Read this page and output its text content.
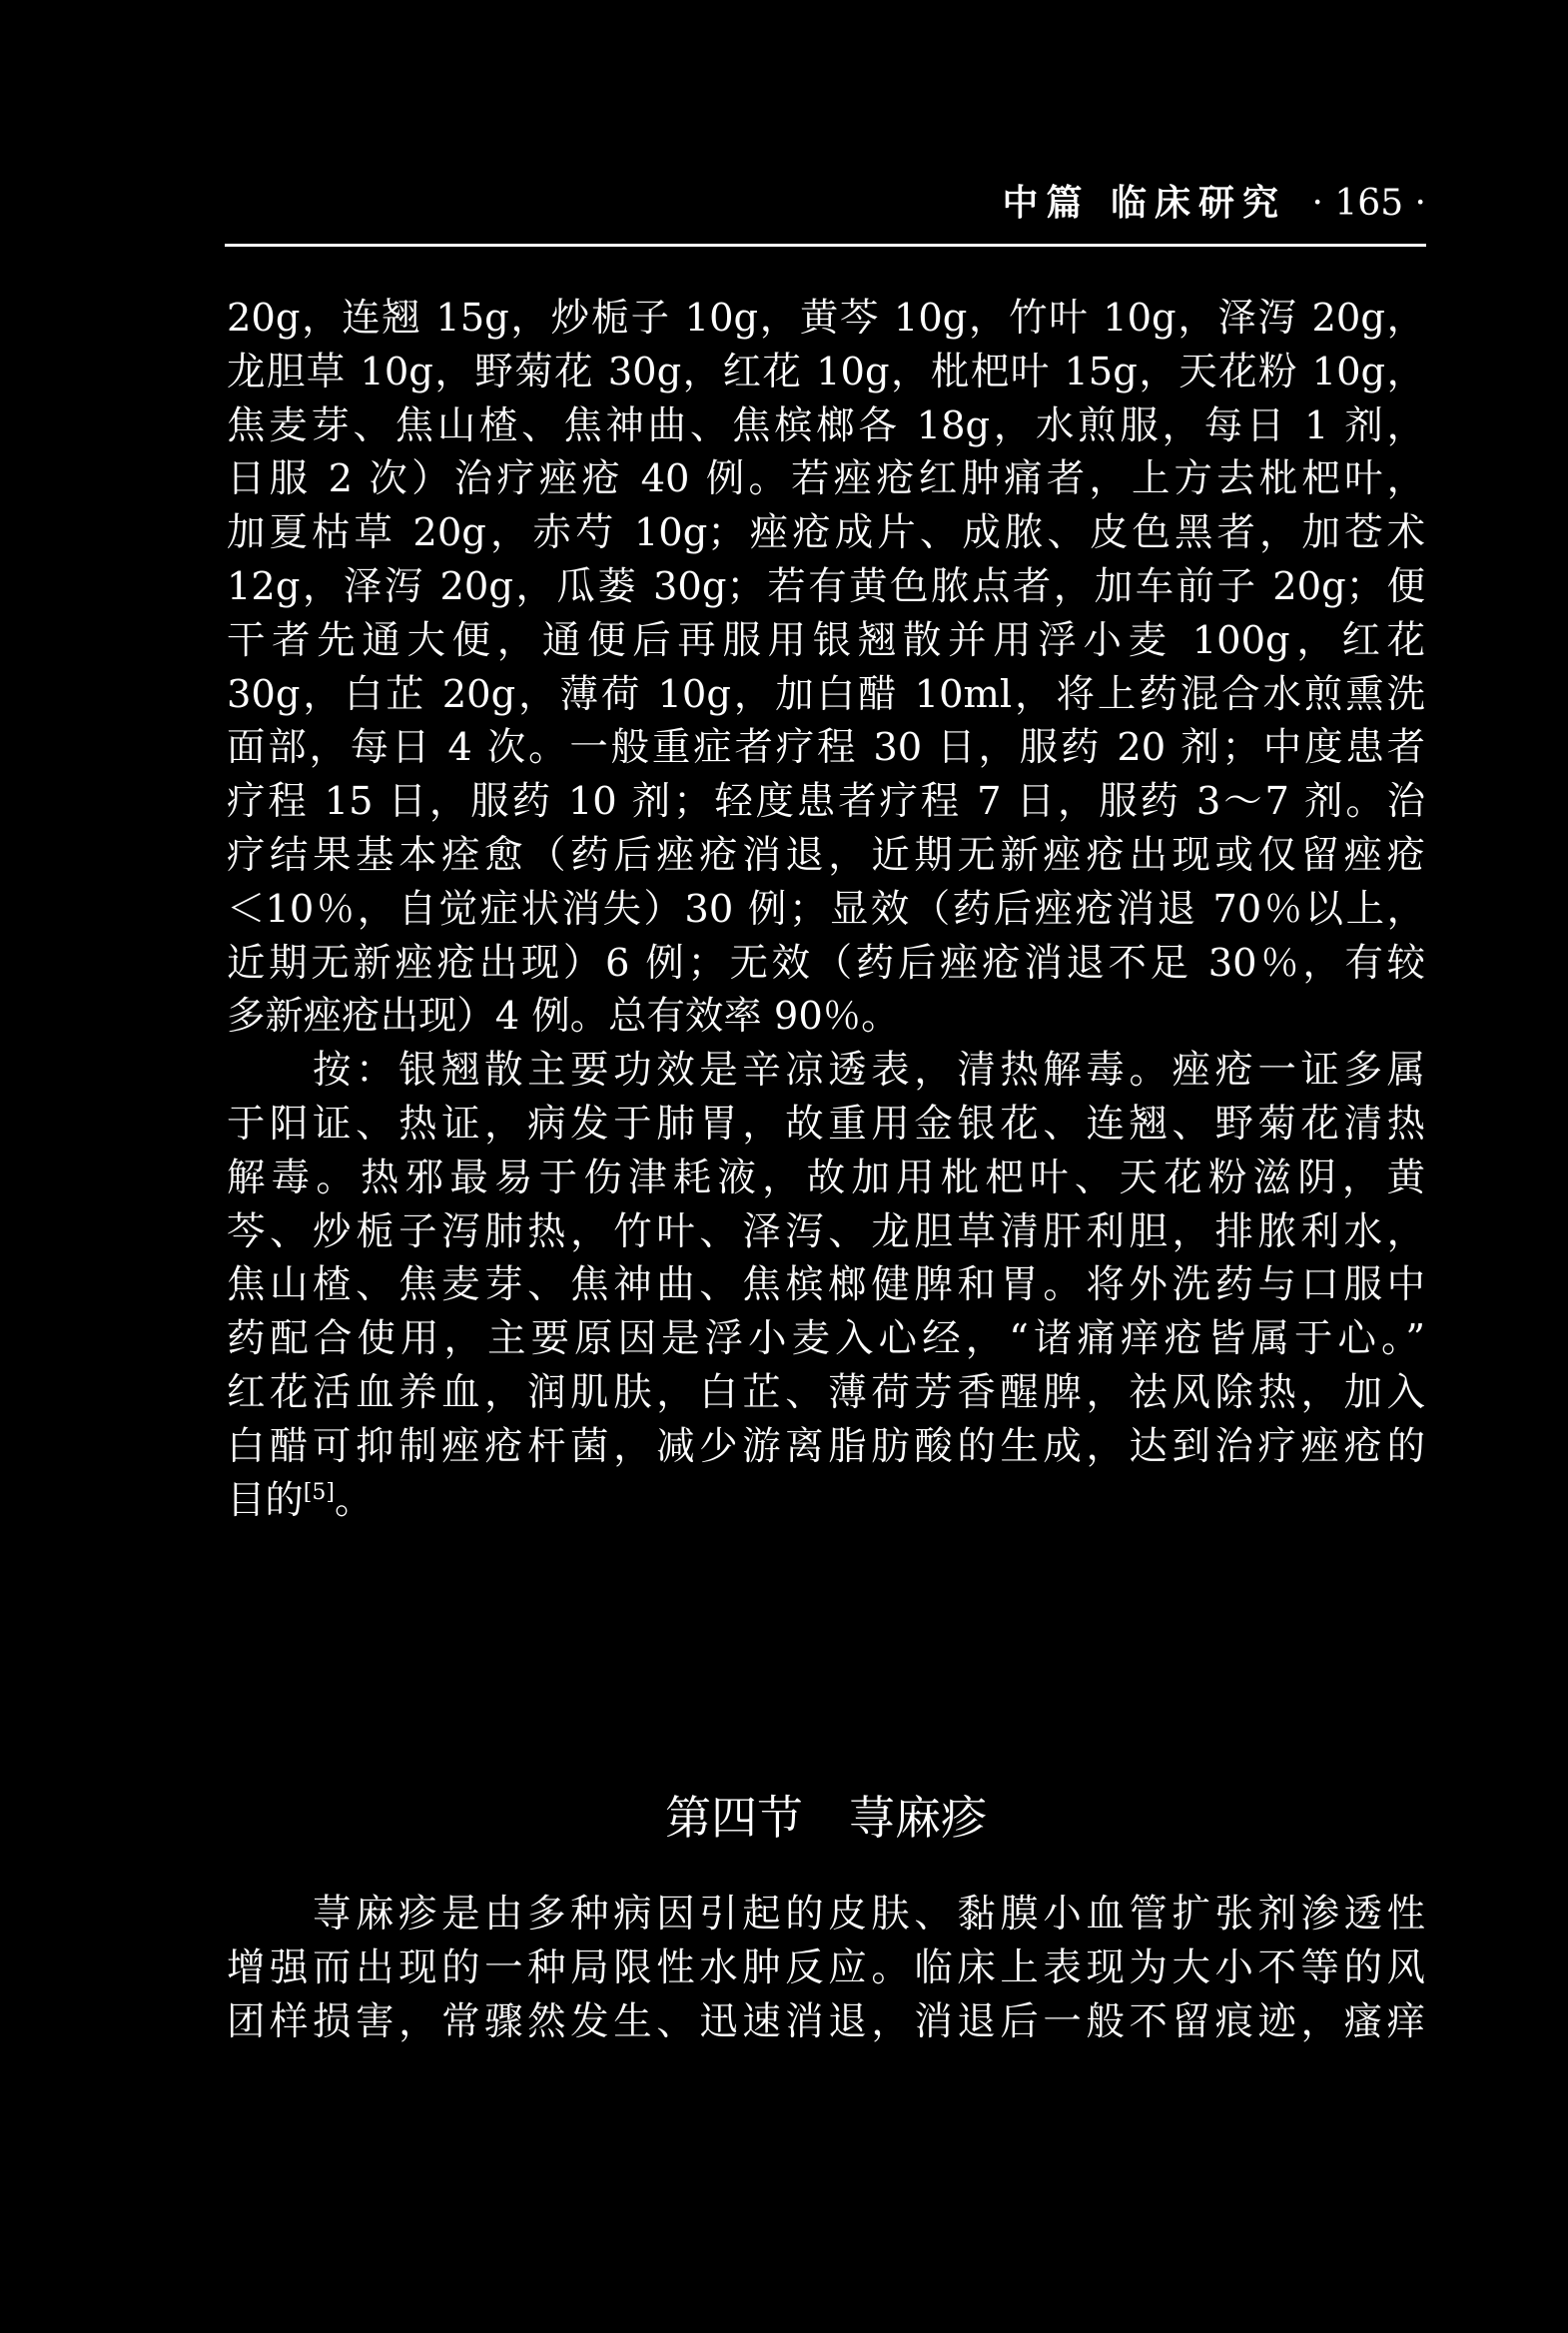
中篇 临床研究 · 165 ·
20g，连翘 15g，炒栀子 10g，黄芩 10g，竹叶 10g，泽泻 20g，
龙胆草 10g，野菊花 30g，红花 10g，枇杷叶 15g，天花粉 10g，
焦麦芽、焦山楂、焦神曲、焦槟榔各 18g，水煎服，每日 1 剂，
日服 2 次）治疗痤疮 40 例。若痤疮红肿痛者，上方去枇杷叶，
加夏枯草 20g，赤芍 10g；痤疮成片、成脓、皮色黑者，加苍术
12g，泽泻 20g，瓜蒌 30g；若有黄色脓点者，加车前子 20g；便
干者先通大便，通便后再服用银翘散并用浮小麦 100g，红花
30g，白芷 20g，薄荷 10g，加白醋 10ml，将上药混合水煎熏洗
面部，每日 4 次。一般重症者疗程 30 日，服药 20 剂；中度患者
疗程 15 日，服药 10 剂；轻度患者疗程 7 日，服药 3～7 剂。治
疗结果基本痊愈（药后痤疮消退，近期无新痤疮出现或仅留痤疮
＜10％，自觉症状消失）30 例；显效（药后痤疮消退 70％以上，
近期无新痤疮出现）6 例；无效（药后痤疮消退不足 30％，有较
多新痤疮出现）4 例。总有效率 90％。
按：银翘散主要功效是辛凉透表，清热解毒。痤疮一证多属
于阳证、热证，病发于肺胃，故重用金银花、连翘、野菊花清热
解毒。热邪最易于伤津耗液，故加用枇杷叶、天花粉滋阴，黄
芩、炒栀子泻肺热，竹叶、泽泻、龙胆草清肝利胆，排脓利水，
焦山楂、焦麦芽、焦神曲、焦槟榔健脾和胃。将外洗药与口服中
药配合使用，主要原因是浮小麦入心经，“诸痛痒疮皆属于心。”
红花活血养血，润肌肤，白芷、薄荷芳香醒脾，祛风除热，加入
白醋可抑制痤疮杆菌，减少游离脂肪酸的生成，达到治疗痤疮的
目的[5]。
第四节　荨麻疹
荨麻疹是由多种病因引起的皮肤、黏膜小血管扩张剂渗透性
增强而出现的一种局限性水肿反应。临床上表现为大小不等的风
团样损害，常骤然发生、迅速消退，消退后一般不留痕迹，瘙痒
